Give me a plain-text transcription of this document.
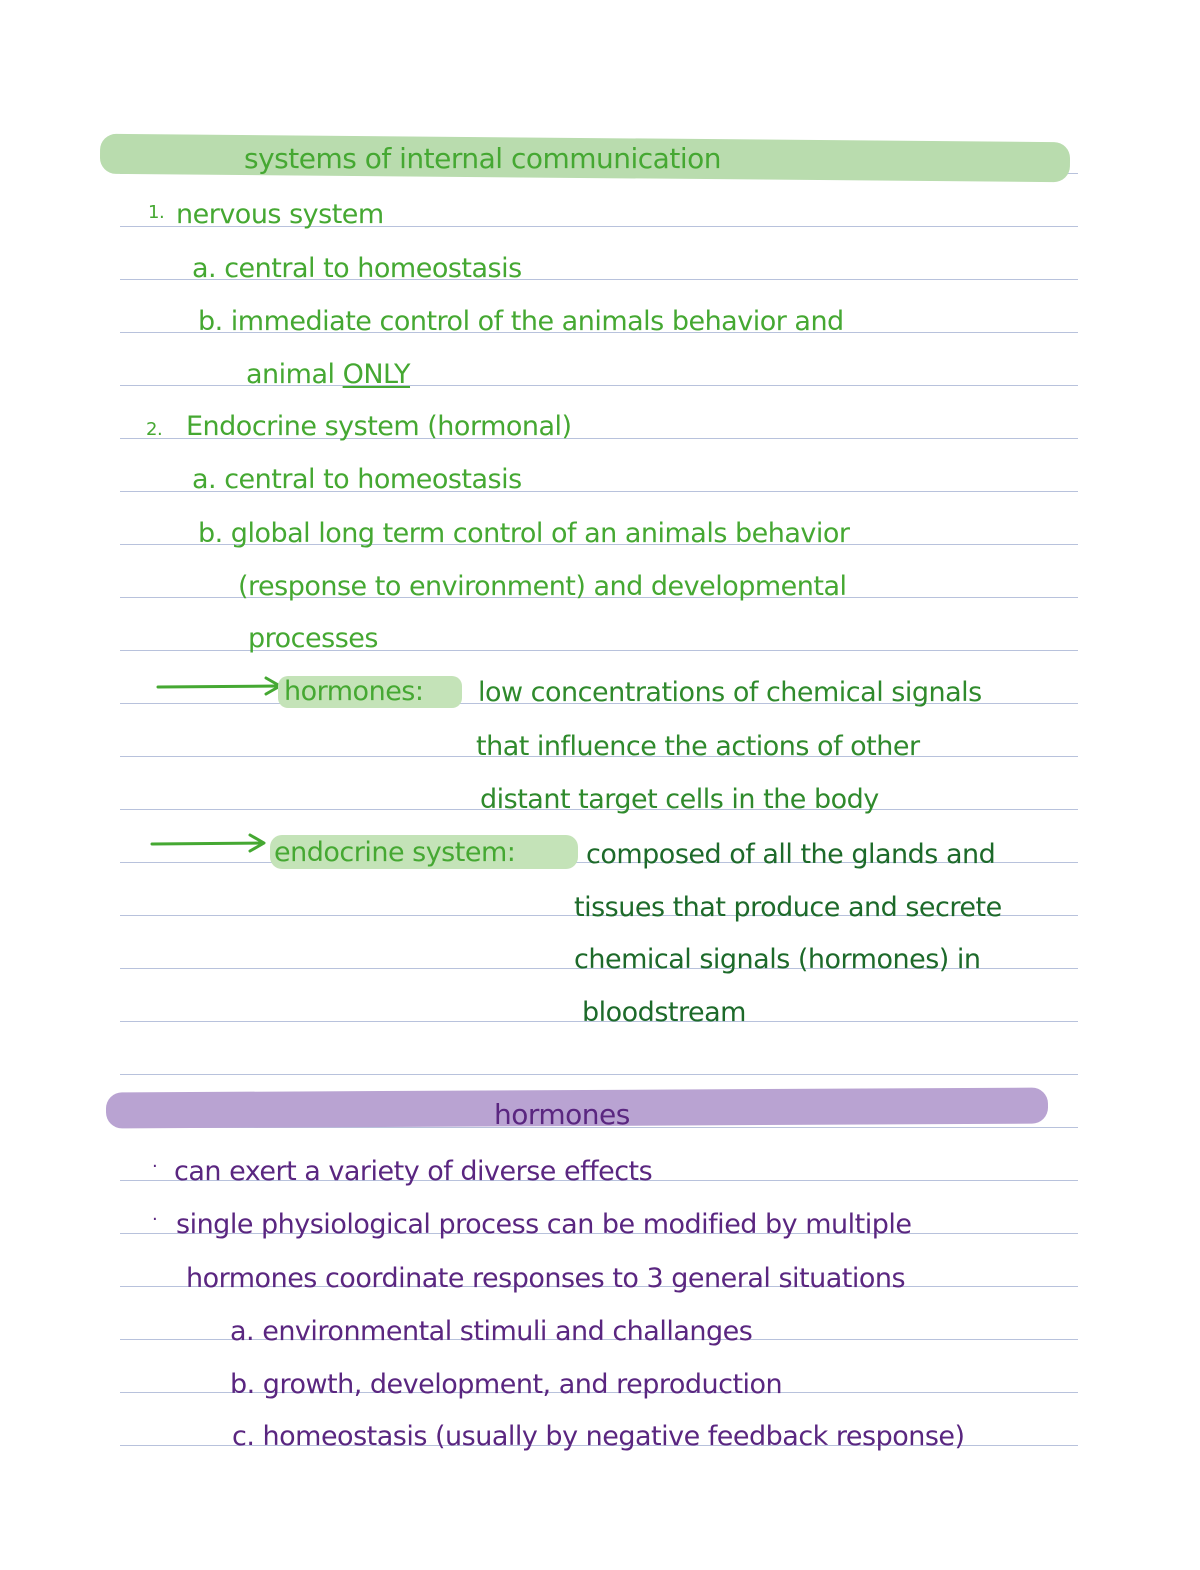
systems of internal communication
1. nervous system
a. central to homeostasis
b. immediate control of the animals behavior and
animal ONLY
2. Endocrine system (hormonal)
a. central to homeostasis
b. global long term control of an animals behavior
(response to environment) and developmental
processes
hormones: low concentrations of chemical signals
that influence the actions of other
distant target cells in the body
endocrine system:	composed of all the glands and
tissues that produce and secrete
chemical signals (hormones) in
bloodstream
hormones
· can exert a variety of diverse effects
· single physiological process can be modified by multiple
hormones coordinate responses to 3 general situations
a. environmental stimuli and challanges
b. growth, development, and reproduction
c. homeostasis (usually by negative feedback response)
